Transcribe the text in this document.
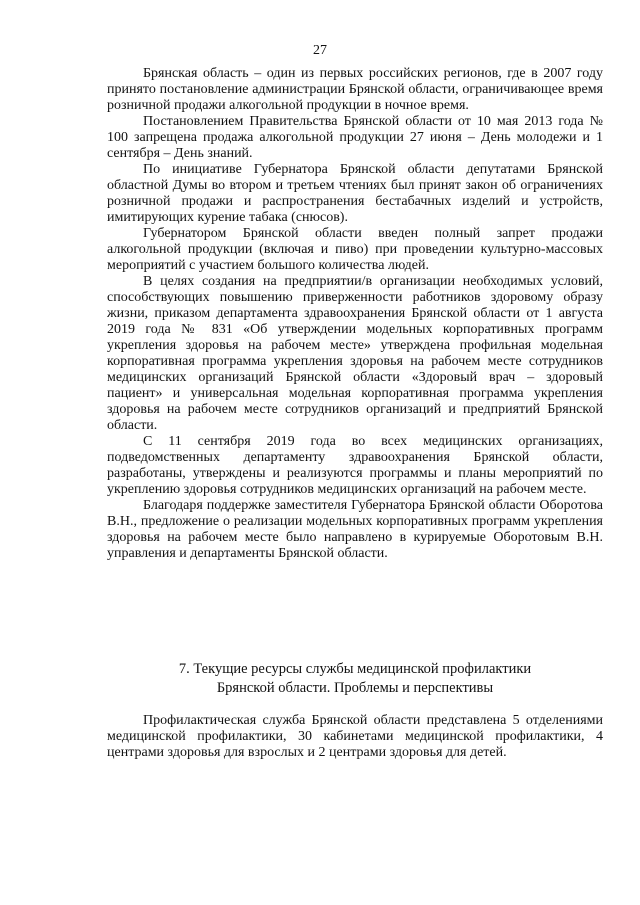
27

Брянская область – один из первых российских регионов, где в 2007 году принято постановление администрации Брянской области, ограничивающее время розничной продажи алкогольной продукции в ночное время.

Постановлением Правительства Брянской области от 10 мая 2013 года № 100 запрещена продажа алкогольной продукции 27 июня – День молодежи и 1 сентября – День знаний.

По инициативе Губернатора Брянской области депутатами Брянской областной Думы во втором и третьем чтениях был принят закон об ограничениях розничной продажи и распространения бестабачных изделий и устройств, имитирующих курение табака (снюсов).

Губернатором Брянской области введен полный запрет продажи алкогольной продукции (включая и пиво) при проведении культурно-массовых мероприятий с участием большого количества людей.

В целях создания на предприятии/в организации необходимых условий, способствующих повышению приверженности работников здоровому образу жизни, приказом департамента здравоохранения Брянской области от 1 августа 2019 года № 831 «Об утверждении модельных корпоративных программ укрепления здоровья на рабочем месте» утверждена профильная модельная корпоративная программа укрепления здоровья на рабочем месте сотрудников медицинских организаций Брянской области «Здоровый врач – здоровый пациент» и универсальная модельная корпоративная программа укрепления здоровья на рабочем месте сотрудников организаций и предприятий Брянской области.

С 11 сентября 2019 года во всех медицинских организациях, подведомственных департаменту здравоохранения Брянской области, разработаны, утверждены и реализуются программы и планы мероприятий по укреплению здоровья сотрудников медицинских организаций на рабочем месте.

Благодаря поддержке заместителя Губернатора Брянской области Оборотова В.Н., предложение о реализации модельных корпоративных программ укрепления здоровья на рабочем месте было направлено в курируемые Оборотовым В.Н. управления и департаменты Брянской области.

7. Текущие ресурсы службы медицинской профилактики
Брянской области. Проблемы и перспективы

Профилактическая служба Брянской области представлена 5 отделениями медицинской профилактики, 30 кабинетами медицинской профилактики, 4 центрами здоровья для взрослых и 2 центрами здоровья для детей.
